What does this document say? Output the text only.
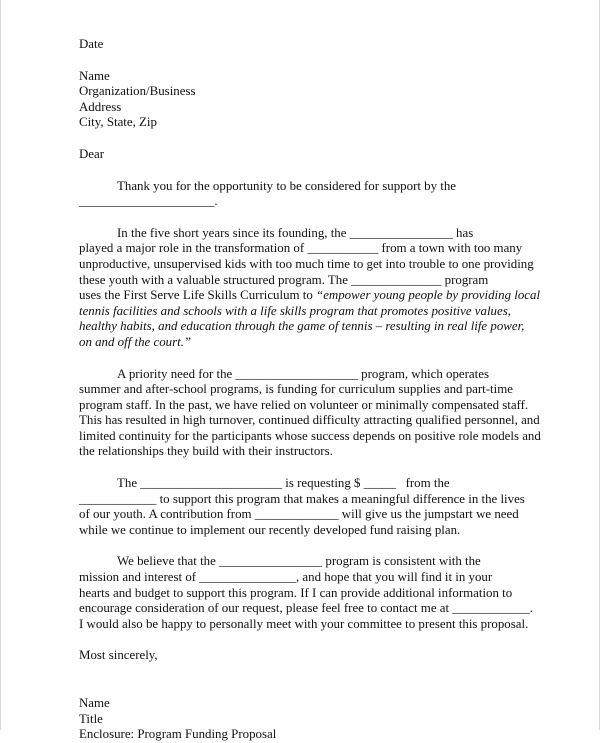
Date
Name
Organization/Business
Address
City, State, Zip
Dear
Thank you for the opportunity to be considered for support by the
_____________________.
In the five short years since its founding, the ________________ has
played a major role in the transformation of ___________ from a town with too many
unproductive, unsupervised kids with too much time to get into trouble to one providing
these youth with a valuable structured program. The ______________ program
uses the First Serve Life Skills Curriculum to “empower young people by providing local
tennis facilities and schools with a life skills program that promotes positive values,
healthy habits, and education through the game of tennis – resulting in real life power,
on and off the court.”
A priority need for the ___________________ program, which operates
summer and after-school programs, is funding for curriculum supplies and part-time
program staff. In the past, we have relied on volunteer or minimally compensated staff.
This has resulted in high turnover, continued difficulty attracting qualified personnel, and
limited continuity for the participants whose success depends on positive role models and
the relationships they build with their instructors.
The ______________________ is requesting $ _____   from the
____________ to support this program that makes a meaningful difference in the lives
of our youth. A contribution from _____________ will give us the jumpstart we need
while we continue to implement our recently developed fund raising plan.
We believe that the ________________ program is consistent with the
mission and interest of _______________, and hope that you will find it in your
hearts and budget to support this program. If I can provide additional information to
encourage consideration of our request, please feel free to contact me at ____________.
I would also be happy to personally meet with your committee to present this proposal.
Most sincerely,
Name
Title
Enclosure: Program Funding Proposal
